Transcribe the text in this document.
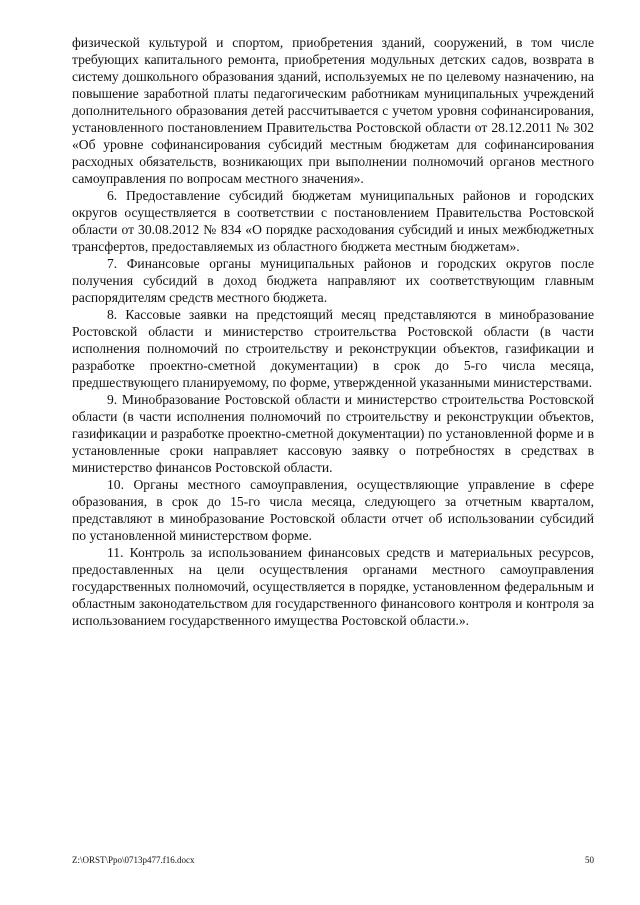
физической культурой и спортом, приобретения зданий, сооружений, в том числе требующих капитального ремонта, приобретения модульных детских садов, возврата в систему дошкольного образования зданий, используемых не по целевому назначению, на повышение заработной платы педагогическим работникам муниципальных учреждений дополнительного образования детей рассчитывается с учетом уровня софинансирования, установленного постановлением Правительства Ростовской области от 28.12.2011 № 302 «Об уровне софинансирования субсидий местным бюджетам для софинансирования расходных обязательств, возникающих при выполнении полномочий органов местного самоуправления по вопросам местного значения».

6. Предоставление субсидий бюджетам муниципальных районов и городских округов осуществляется в соответствии с постановлением Правительства Ростовской области от 30.08.2012 № 834 «О порядке расходования субсидий и иных межбюджетных трансфертов, предоставляемых из областного бюджета местным бюджетам».

7. Финансовые органы муниципальных районов и городских округов после получения субсидий в доход бюджета направляют их соответствующим главным распорядителям средств местного бюджета.

8. Кассовые заявки на предстоящий месяц представляются в минобразование Ростовской области и министерство строительства Ростовской области (в части исполнения полномочий по строительству и реконструкции объектов, газификации и разработке проектно-сметной документации) в срок до 5-го числа месяца, предшествующего планируемому, по форме, утвержденной указанными министерствами.

9. Минобразование Ростовской области и министерство строительства Ростовской области (в части исполнения полномочий по строительству и реконструкции объектов, газификации и разработке проектно-сметной документации) по установленной форме и в установленные сроки направляет кассовую заявку о потребностях в средствах в министерство финансов Ростовской области.

10. Органы местного самоуправления, осуществляющие управление в сфере образования, в срок до 15-го числа месяца, следующего за отчетным кварталом, представляют в минобразование Ростовской области отчет об использовании субсидий по установленной министерством форме.

11. Контроль за использованием финансовых средств и материальных ресурсов, предоставленных на цели осуществления органами местного самоуправления государственных полномочий, осуществляется в порядке, установленном федеральным и областным законодательством для государственного финансового контроля и контроля за использованием государственного имущества Ростовской области.».

Z:\ORST\Ppo\0713p477.f16.docx	50
